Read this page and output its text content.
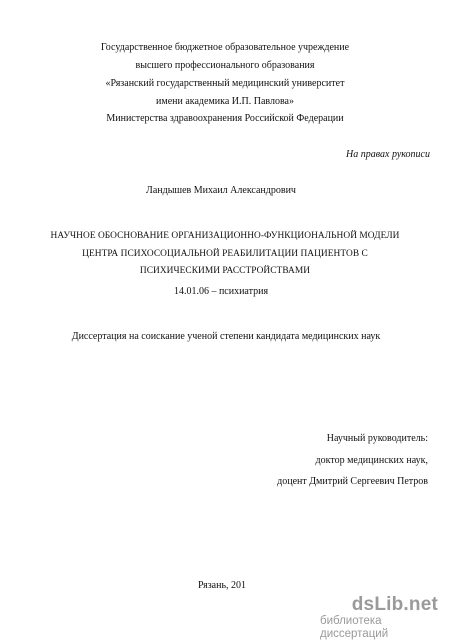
Государственное бюджетное образовательное учреждение
высшего профессионального образования
«Рязанский государственный медицинский университет
имени академика И.П. Павлова»
Министерства здравоохранения Российской Федерации
На правах рукописи
Ландышев Михаил Александрович
НАУЧНОЕ ОБОСНОВАНИЕ ОРГАНИЗАЦИОННО-ФУНКЦИОНАЛЬНОЙ МОДЕЛИ
ЦЕНТРА ПСИХОСОЦИАЛЬНОЙ РЕАБИЛИТАЦИИ ПАЦИЕНТОВ С
ПСИХИЧЕСКИМИ РАССТРОЙСТВАМИ
14.01.06 – психиатрия
Диссертация на соискание ученой степени кандидата медицинских наук
Научный руководитель:
доктор медицинских наук,
доцент Дмитрий Сергеевич Петров
Рязань, 201
dsLib.net
библиотека диссертаций
